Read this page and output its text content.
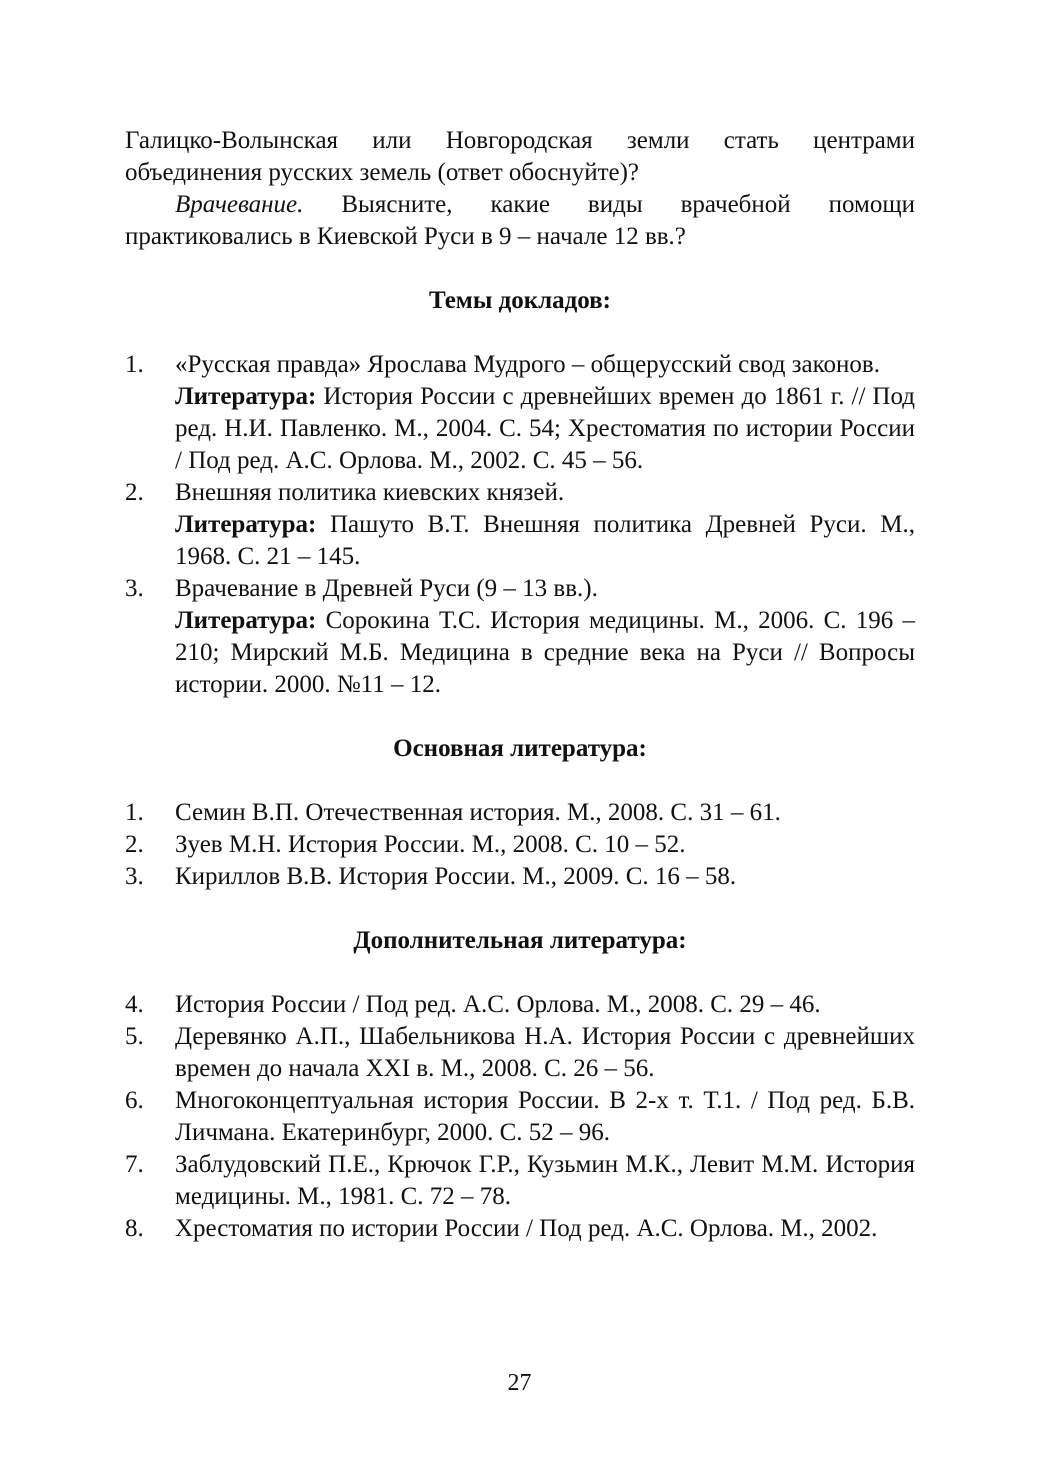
Галицко-Волынская или Новгородская земли стать центрами объединения русских земель (ответ обоснуйте)?

Врачевание. Выясните, какие виды врачебной помощи практиковались в Киевской Руси в 9 – начале 12 вв.?

Темы докладов:

1. «Русская правда» Ярослава Мудрого – общерусский свод законов.
Литература: История России с древнейших времен до 1861 г. // Под ред. Н.И. Павленко. М., 2004. С. 54; Хрестоматия по истории России / Под ред. А.С. Орлова. М., 2002. С. 45 – 56.
2. Внешняя политика киевских князей.
Литература: Пашуто В.Т. Внешняя политика Древней Руси. М., 1968. С. 21 – 145.
3. Врачевание в Древней Руси (9 – 13 вв.).
Литература: Сорокина Т.С. История медицины. М., 2006. С. 196 – 210; Мирский М.Б. Медицина в средние века на Руси // Вопросы истории. 2000. №11 – 12.

Основная литература:

1. Семин В.П. Отечественная история. М., 2008. С. 31 – 61.
2. Зуев М.Н. История России. М., 2008. С. 10 – 52.
3. Кириллов В.В. История России. М., 2009. С. 16 – 58.

Дополнительная литература:

4. История России / Под ред. А.С. Орлова. М., 2008. С. 29 – 46.
5. Деревянко А.П., Шабельникова Н.А. История России с древнейших времен до начала XXI в. М., 2008. С. 26 – 56.
6. Многоконцептуальная история России. В 2-х т. Т.1. / Под ред. Б.В. Личмана. Екатеринбург, 2000. С. 52 – 96.
7. Заблудовский П.Е., Крючок Г.Р., Кузьмин М.К., Левит М.М. История медицины. М., 1981. С. 72 – 78.
8. Хрестоматия по истории России / Под ред. А.С. Орлова. М., 2002.
27
